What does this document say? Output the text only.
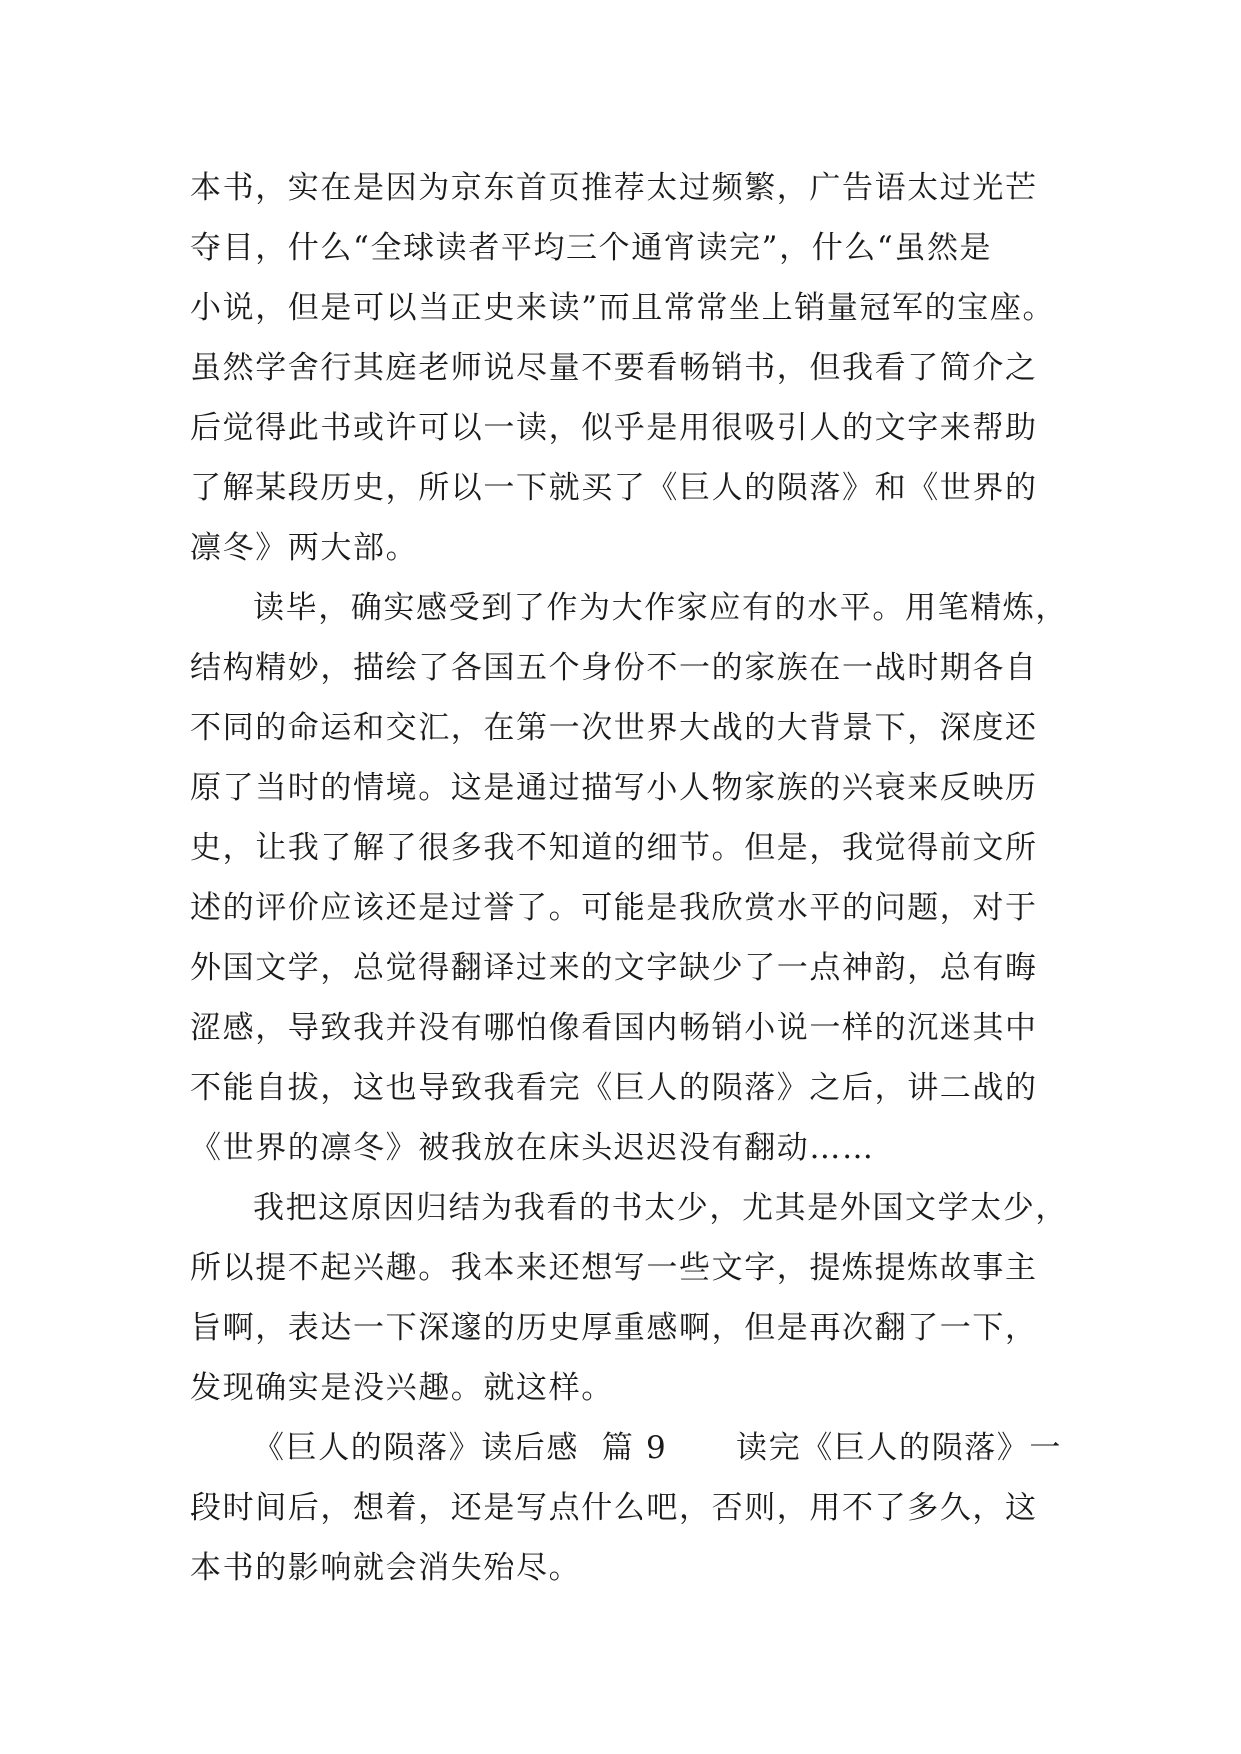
本书，实在是因为京东首页推荐太过频繁，广告语太过光芒

夺目，什么“全球读者平均三个通宵读完”，什么“虽然是

小说，但是可以当正史来读”而且常常坐上销量冠军的宝座。

虽然学舍行其庭老师说尽量不要看畅销书，但我看了简介之

后觉得此书或许可以一读，似乎是用很吸引人的文字来帮助

了解某段历史，所以一下就买了《巨人的陨落》和《世界的

凛冬》两大部。

读毕，确实感受到了作为大作家应有的水平。用笔精炼，

结构精妙，描绘了各国五个身份不一的家族在一战时期各自

不同的命运和交汇，在第一次世界大战的大背景下，深度还

原了当时的情境。这是通过描写小人物家族的兴衰来反映历

史，让我了解了很多我不知道的细节。但是，我觉得前文所

述的评价应该还是过誉了。可能是我欣赏水平的问题，对于

外国文学，总觉得翻译过来的文字缺少了一点神韵，总有晦

涩感，导致我并没有哪怕像看国内畅销小说一样的沉迷其中

不能自拔，这也导致我看完《巨人的陨落》之后，讲二战的

《世界的凛冬》被我放在床头迟迟没有翻动……

我把这原因归结为我看的书太少，尤其是外国文学太少，

所以提不起兴趣。我本来还想写一些文字，提炼提炼故事主

旨啊，表达一下深邃的历史厚重感啊，但是再次翻了一下，

发现确实是没兴趣。就这样。

《巨人的陨落》读后感  篇 9      读完《巨人的陨落》一

段时间后，想着，还是写点什么吧，否则，用不了多久，这

本书的影响就会消失殆尽。
